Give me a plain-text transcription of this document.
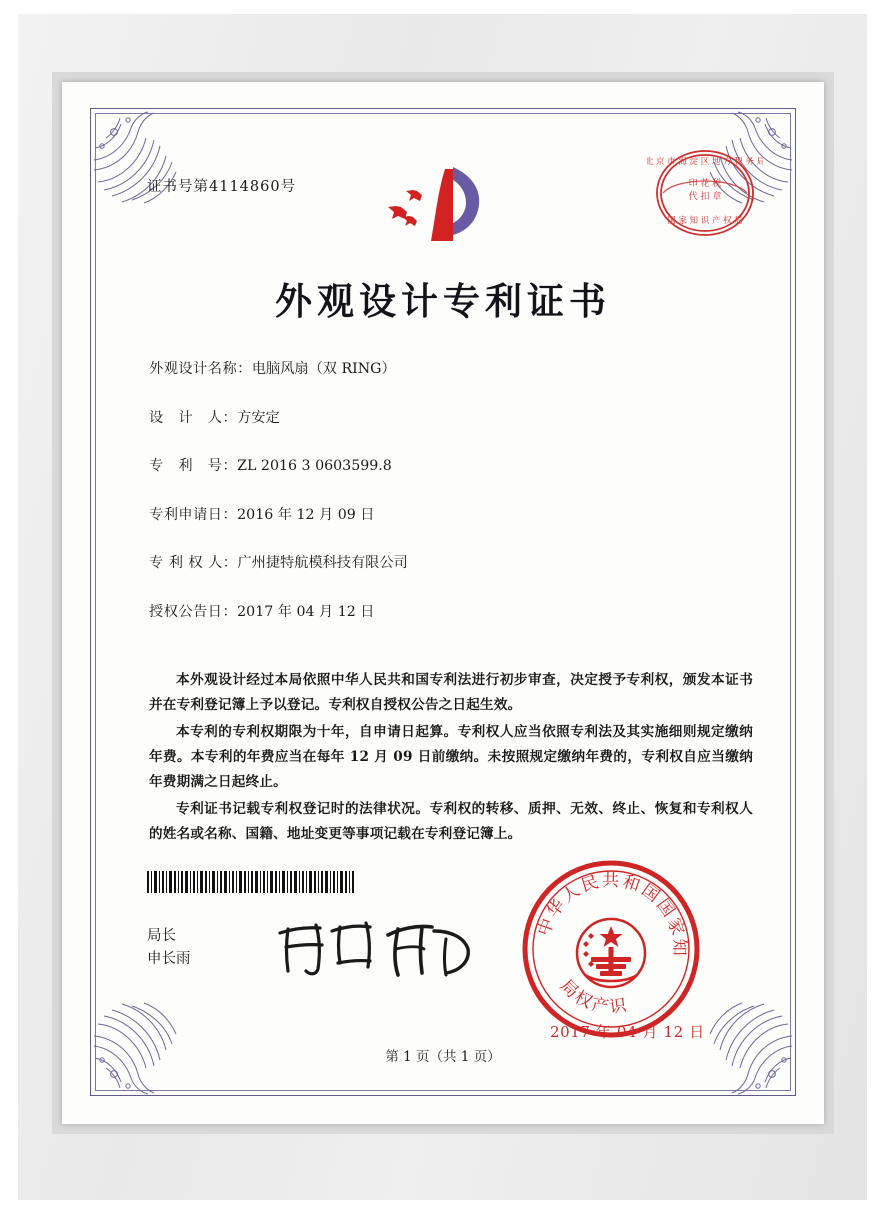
证书号第4114860号
北 京 市 海 淀 区 地 方 税 务 局
印 花 税
代 扣 章
国 家 知 识 产 权 局
外观设计专利证书
外观设计名称：电脑风扇（双 RING）
设　计　人：方安定
专　利　号：ZL 2016 3 0603599.8
专利申请日：2016 年 12 月 09 日
专 利 权 人：广州捷特航模科技有限公司
授权公告日：2017 年 04 月 12 日

本外观设计经过本局依照中华人民共和国专利法进行初步审查，决定授予专利权，颁发本证书并在专利登记簿上予以登记。专利权自授权公告之日起生效。

本专利的专利权期限为十年，自申请日起算。专利权人应当依照专利法及其实施细则规定缴纳年费。本专利的年费应当在每年 12 月 09 日前缴纳。未按照规定缴纳年费的，专利权自应当缴纳年费期满之日起终止。

专利证书记载专利权登记时的法律状况。专利权的转移、质押、无效、终止、恢复和专利权人的姓名或名称、国籍、地址变更等事项记载在专利登记簿上。

局长
申长雨
中华人民共和国国家知
局权产识
2017 年 04 月 12 日
第 1 页（共 1 页）
